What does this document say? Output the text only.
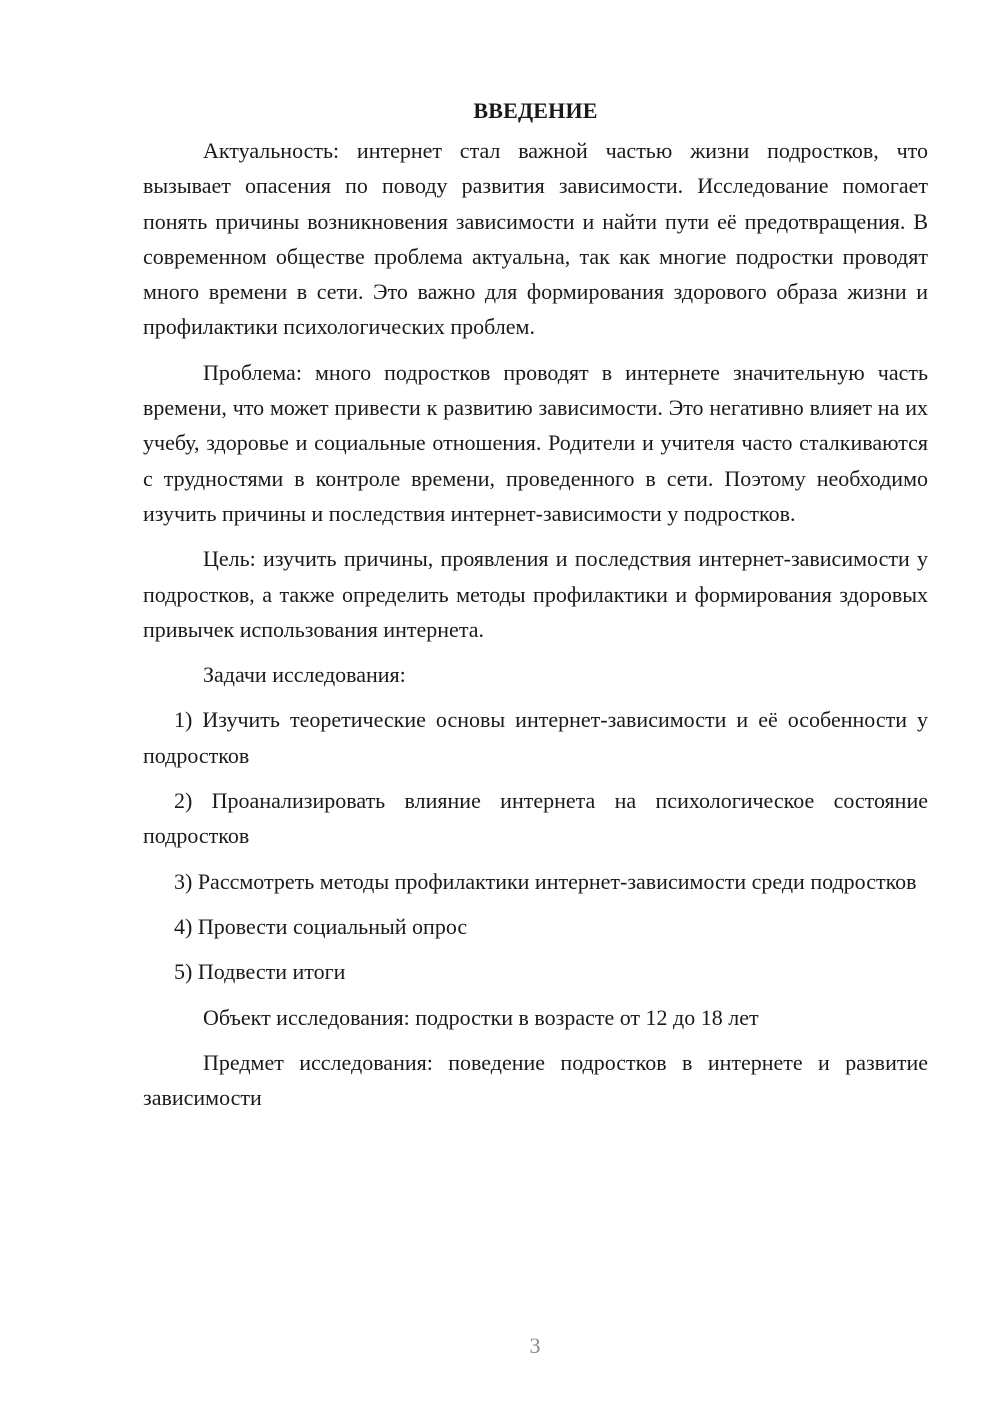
ВВЕДЕНИЕ

Актуальность: интернет стал важной частью жизни подростков, что вызывает опасения по поводу развития зависимости. Исследование помогает понять причины возникновения зависимости и найти пути её предотвращения. В современном обществе проблема актуальна, так как многие подростки проводят много времени в сети. Это важно для формирования здорового образа жизни и профилактики психологических проблем.

Проблема: много подростков проводят в интернете значительную часть времени, что может привести к развитию зависимости. Это негативно влияет на их учебу, здоровье и социальные отношения. Родители и учителя часто сталкиваются с трудностями в контроле времени, проведенного в сети. Поэтому необходимо изучить причины и последствия интернет-зависимости у подростков.

Цель: изучить причины, проявления и последствия интернет-зависимости у подростков, а также определить методы профилактики и формирования здоровых привычек использования интернета.

Задачи исследования:

1) Изучить теоретические основы интернет-зависимости и её особенности у подростков

2) Проанализировать влияние интернета на психологическое состояние подростков

3) Рассмотреть методы профилактики интернет-зависимости среди подростков

4) Провести социальный опрос

5) Подвести итоги

Объект исследования: подростки в возрасте от 12 до 18 лет

Предмет исследования: поведение подростков в интернете и развитие зависимости

3
